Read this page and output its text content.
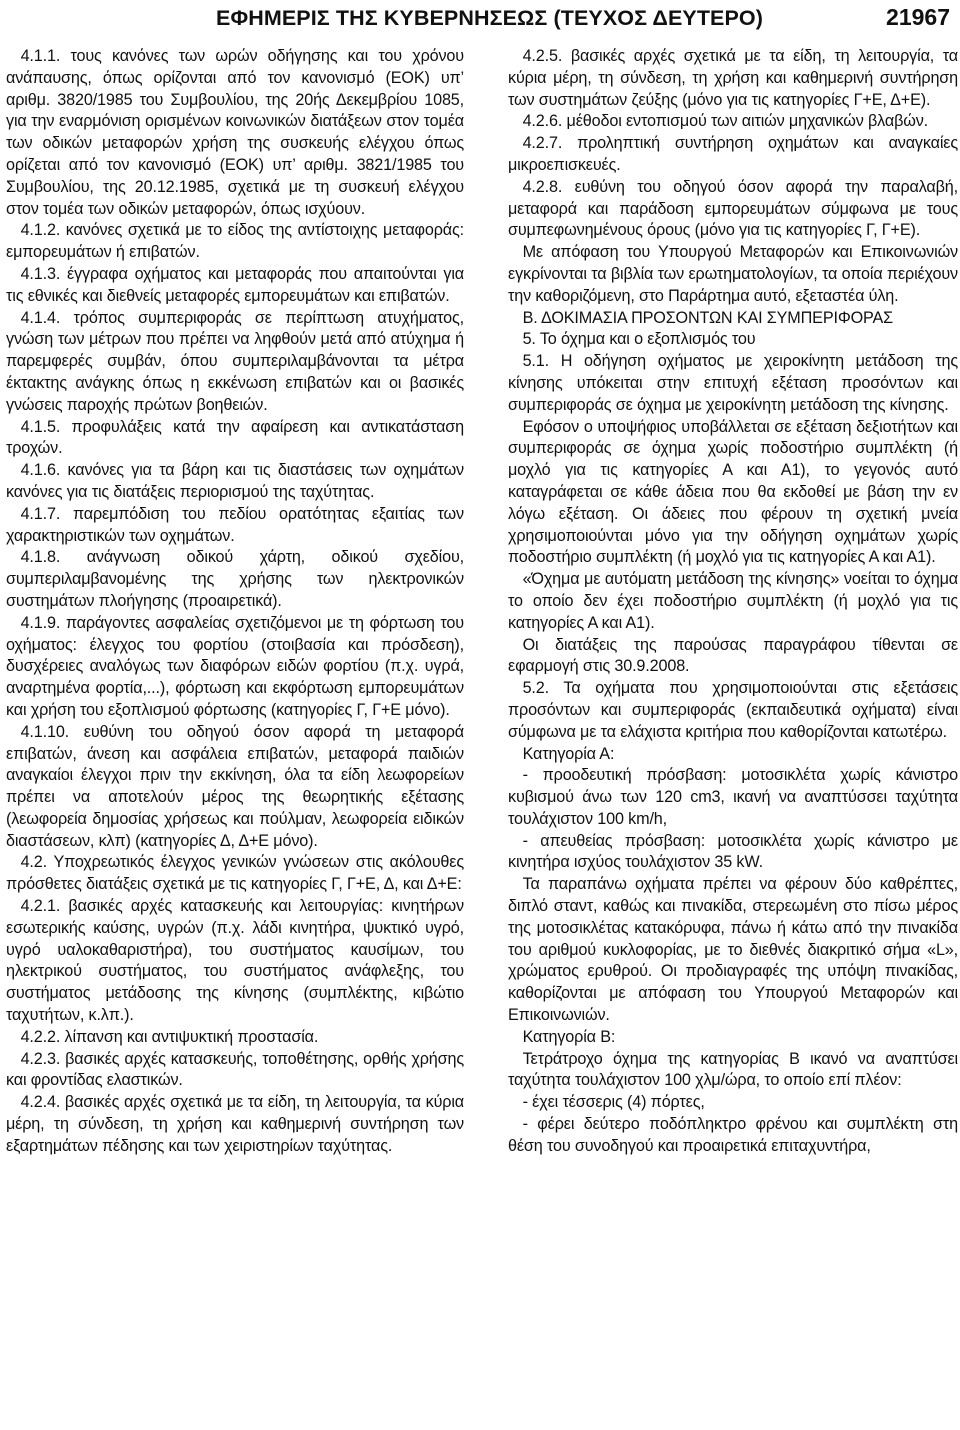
ΕΦΗΜΕΡΙΣ ΤΗΣ ΚΥΒΕΡΝΗΣΕΩΣ (ΤΕΥΧΟΣ ΔΕΥΤΕΡΟ)	21967

4.1.1. τους κανόνες των ωρών οδήγησης και του χρόνου ανάπαυσης, όπως ορίζονται από τον κανονισμό (ΕΟΚ) υπ’ αριθμ. 3820/1985 του Συμβουλίου, της 20ής Δεκεμβρίου 1085, για την εναρμόνιση ορισμένων κοινωνικών διατάξεων στον τομέα των οδικών μεταφορών χρήση της συσκευής ελέγχου όπως ορίζεται από τον κανονισμό (ΕΟΚ) υπ’ αριθμ. 3821/1985 του Συμβουλίου, της 20.12.1985, σχετικά με τη συσκευή ελέγχου στον τομέα των οδικών μεταφορών, όπως ισχύουν.

4.1.2. κανόνες σχετικά με το είδος της αντίστοιχης μεταφοράς: εμπορευμάτων ή επιβατών.

4.1.3. έγγραφα οχήματος και μεταφοράς που απαιτούνται για τις εθνικές και διεθνείς μεταφορές εμπορευμάτων και επιβατών.

4.1.4. τρόπος συμπεριφοράς σε περίπτωση ατυχήματος, γνώση των μέτρων που πρέπει να ληφθούν μετά από ατύχημα ή παρεμφερές συμβάν, όπου συμπεριλαμβάνονται τα μέτρα έκτακτης ανάγκης όπως η εκκένωση επιβατών και οι βασικές γνώσεις παροχής πρώτων βοηθειών.

4.1.5. προφυλάξεις κατά την αφαίρεση και αντικατάσταση τροχών.

4.1.6. κανόνες για τα βάρη και τις διαστάσεις των οχημάτων κανόνες για τις διατάξεις περιορισμού της ταχύτητας.

4.1.7. παρεμπόδιση του πεδίου ορατότητας εξαιτίας των χαρακτηριστικών των οχημάτων.

4.1.8. ανάγνωση οδικού χάρτη, οδικού σχεδίου, συμπεριλαμβανομένης της χρήσης των ηλεκτρονικών συστημάτων πλοήγησης (προαιρετικά).

4.1.9. παράγοντες ασφαλείας σχετιζόμενοι με τη φόρτωση του οχήματος: έλεγχος του φορτίου (στοιβασία και πρόσδεση), δυσχέρειες αναλόγως των διαφόρων ειδών φορτίου (π.χ. υγρά, αναρτημένα φορτία,...), φόρτωση και εκφόρτωση εμπορευμάτων και χρήση του εξοπλισμού φόρτωσης (κατηγορίες Γ, Γ+Ε μόνο).

4.1.10. ευθύνη του οδηγού όσον αφορά τη μεταφορά επιβατών, άνεση και ασφάλεια επιβατών, μεταφορά παιδιών αναγκαίοι έλεγχοι πριν την εκκίνηση, όλα τα είδη λεωφορείων πρέπει να αποτελούν μέρος της θεωρητικής εξέτασης (λεωφορεία δημοσίας χρήσεως και πούλμαν, λεωφορεία ειδικών διαστάσεων, κλπ) (κατηγορίες Δ, Δ+Ε μόνο).

4.2. Υποχρεωτικός έλεγχος γενικών γνώσεων στις ακόλουθες πρόσθετες διατάξεις σχετικά με τις κατηγορίες Γ, Γ+Ε, Δ, και Δ+Ε:

4.2.1. βασικές αρχές κατασκευής και λειτουργίας: κινητήρων εσωτερικής καύσης, υγρών (π.χ. λάδι κινητήρα, ψυκτικό υγρό, υγρό υαλοκαθαριστήρα), του συστήματος καυσίμων, του ηλεκτρικού συστήματος, του συστήματος ανάφλεξης, του συστήματος μετάδοσης της κίνησης (συμπλέκτης, κιβώτιο ταχυτήτων, κ.λπ.).

4.2.2. λίπανση και αντιψυκτική προστασία.

4.2.3. βασικές αρχές κατασκευής, τοποθέτησης, ορθής χρήσης και φροντίδας ελαστικών.

4.2.4. βασικές αρχές σχετικά με τα είδη, τη λειτουργία, τα κύρια μέρη, τη σύνδεση, τη χρήση και καθημερινή συντήρηση των εξαρτημάτων πέδησης και των χειριστηρίων ταχύτητας.

4.2.5. βασικές αρχές σχετικά με τα είδη, τη λειτουργία, τα κύρια μέρη, τη σύνδεση, τη χρήση και καθημερινή συντήρηση των συστημάτων ζεύξης (μόνο για τις κατηγορίες Γ+Ε, Δ+Ε).

4.2.6. μέθοδοι εντοπισμού των αιτιών μηχανικών βλαβών.

4.2.7. προληπτική συντήρηση οχημάτων και αναγκαίες μικροεπισκευές.

4.2.8. ευθύνη του οδηγού όσον αφορά την παραλαβή, μεταφορά και παράδοση εμπορευμάτων σύμφωνα με τους συμπεφωνημένους όρους (μόνο για τις κατηγορίες Γ, Γ+Ε).

Με απόφαση του Υπουργού Μεταφορών και Επικοινωνιών εγκρίνονται τα βιβλία των ερωτηματολογίων, τα οποία περιέχουν την καθοριζόμενη, στο Παράρτημα αυτό, εξεταστέα ύλη.

Β. ΔΟΚΙΜΑΣΙΑ ΠΡΟΣΟΝΤΩΝ ΚΑΙ ΣΥΜΠΕΡΙΦΟΡΑΣ

5. Το όχημα και ο εξοπλισμός του

5.1. Η οδήγηση οχήματος με χειροκίνητη μετάδοση της κίνησης υπόκειται στην επιτυχή εξέταση προσόντων και συμπεριφοράς σε όχημα με χειροκίνητη μετάδοση της κίνησης.

Εφόσον ο υποψήφιος υποβάλλεται σε εξέταση δεξιοτήτων και συμπεριφοράς σε όχημα χωρίς ποδοστήριο συμπλέκτη (ή μοχλό για τις κατηγορίες Α και Α1), το γεγονός αυτό καταγράφεται σε κάθε άδεια που θα εκδοθεί με βάση την εν λόγω εξέταση. Οι άδειες που φέρουν τη σχετική μνεία χρησιμοποιούνται μόνο για την οδήγηση οχημάτων χωρίς ποδοστήριο συμπλέκτη (ή μοχλό για τις κατηγορίες Α και Α1).

«Όχημα με αυτόματη μετάδοση της κίνησης» νοείται το όχημα το οποίο δεν έχει ποδοστήριο συμπλέκτη (ή μοχλό για τις κατηγορίες Α και Α1).

Οι διατάξεις της παρούσας παραγράφου τίθενται σε εφαρμογή στις 30.9.2008.

5.2. Τα οχήματα που χρησιμοποιούνται στις εξετάσεις προσόντων και συμπεριφοράς (εκπαιδευτικά οχήματα) είναι σύμφωνα με τα ελάχιστα κριτήρια που καθορίζονται κατωτέρω.

Κατηγορία Α:

- προοδευτική πρόσβαση: μοτοσικλέτα χωρίς κάνιστρο κυβισμού άνω των 120 cm3, ικανή να αναπτύσσει ταχύτητα τουλάχιστον 100 km/h,

- απευθείας πρόσβαση: μοτοσικλέτα χωρίς κάνιστρο με κινητήρα ισχύος τουλάχιστον 35 kW.

Τα παραπάνω οχήματα πρέπει να φέρουν δύο καθρέπτες, διπλό σταντ, καθώς και πινακίδα, στερεωμένη στο πίσω μέρος της μοτοσικλέτας κατακόρυφα, πάνω ή κάτω από την πινακίδα του αριθμού κυκλοφορίας, με το διεθνές διακριτικό σήμα «L», χρώματος ερυθρού. Οι προδιαγραφές της υπόψη πινακίδας, καθορίζονται με απόφαση του Υπουργού Μεταφορών και Επικοινωνιών.

Κατηγορία Β:

Τετράτροχο όχημα της κατηγορίας Β ικανό να αναπτύσει ταχύτητα τουλάχιστον 100 χλμ/ώρα, το οποίο επί πλέον:

- έχει τέσσερις (4) πόρτες,

- φέρει δεύτερο ποδόπληκτρο φρένου και συμπλέκτη στη θέση του συνοδηγού και προαιρετικά επιταχυντήρα,
